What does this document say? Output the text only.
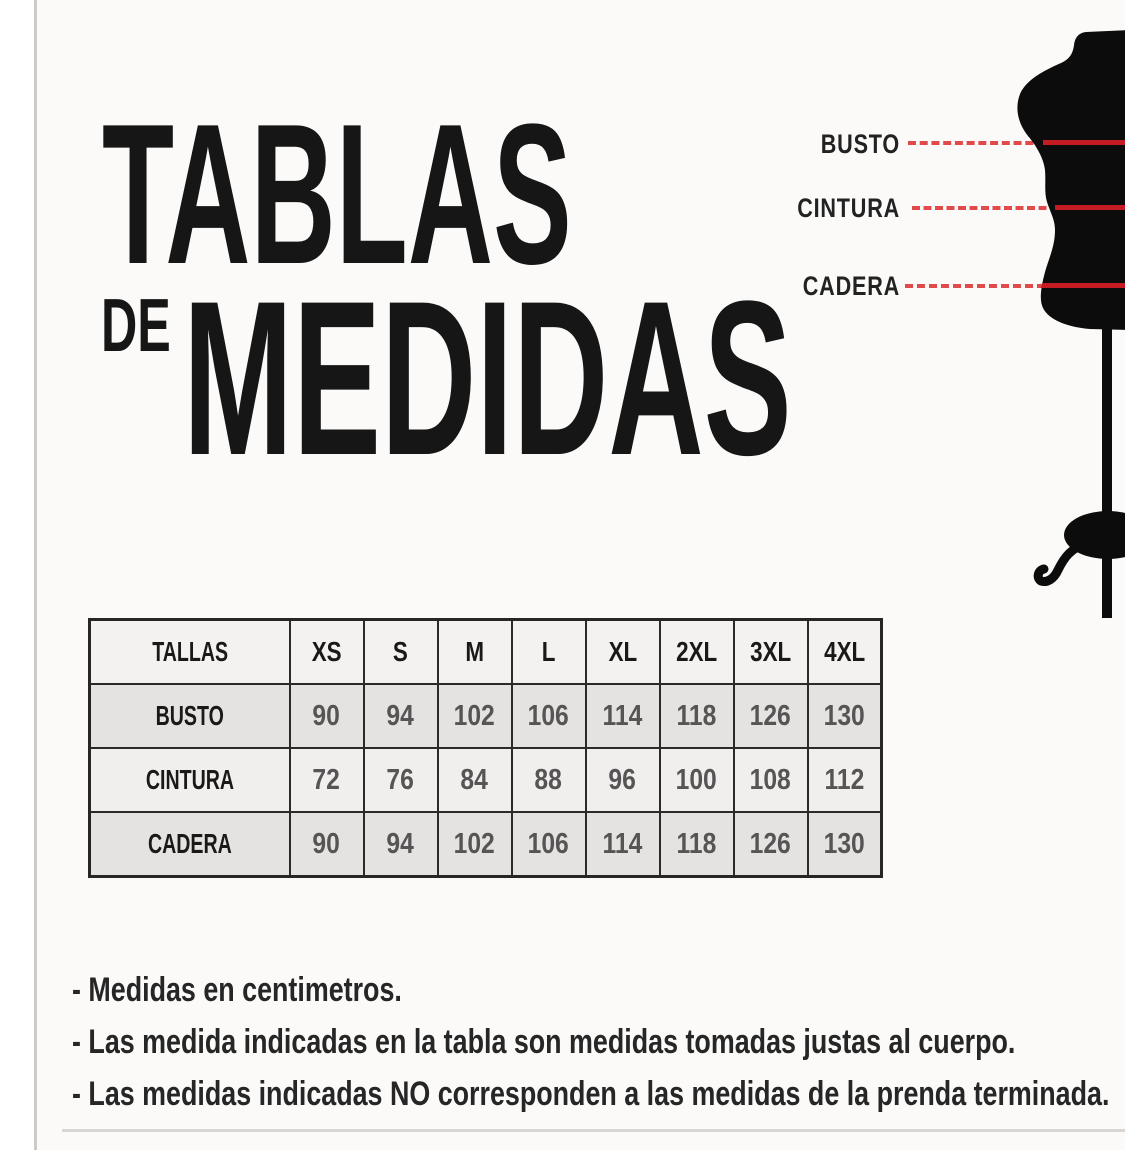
TABLAS
DE MEDIDAS
BUSTO
CINTURA
CADERA
TALLAS	XS	S	M	L	XL	2XL	3XL	4XL
BUSTO	90	94	102	106	114	118	126	130
CINTURA	72	76	84	88	96	100	108	112
CADERA	90	94	102	106	114	118	126	130
- Medidas en centimetros.
- Las medida indicadas en la tabla son medidas tomadas justas al cuerpo.
- Las medidas indicadas NO corresponden a las medidas de la prenda terminada.
